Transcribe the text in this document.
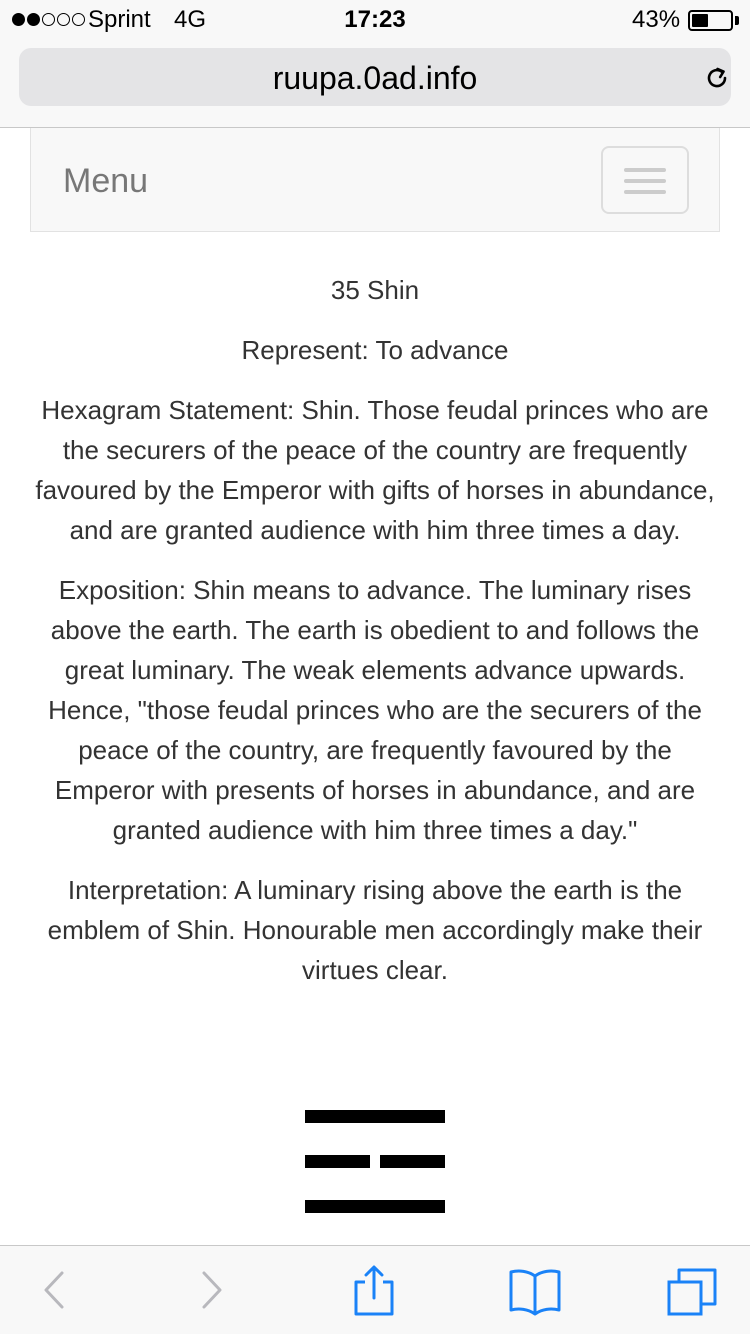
Sprint 4G	17:23	43%
ruupa.0ad.info
Menu

35 Shin

Represent: To advance

Hexagram Statement: Shin. Those feudal princes who are the securers of the peace of the country are frequently favoured by the Emperor with gifts of horses in abundance, and are granted audience with him three times a day.

Exposition: Shin means to advance. The luminary rises above the earth. The earth is obedient to and follows the great luminary. The weak elements advance upwards. Hence, "those feudal princes who are the securers of the peace of the country, are frequently favoured by the Emperor with presents of horses in abundance, and are granted audience with him three times a day."

Interpretation: A luminary rising above the earth is the emblem of Shin. Honourable men accordingly make their virtues clear.
